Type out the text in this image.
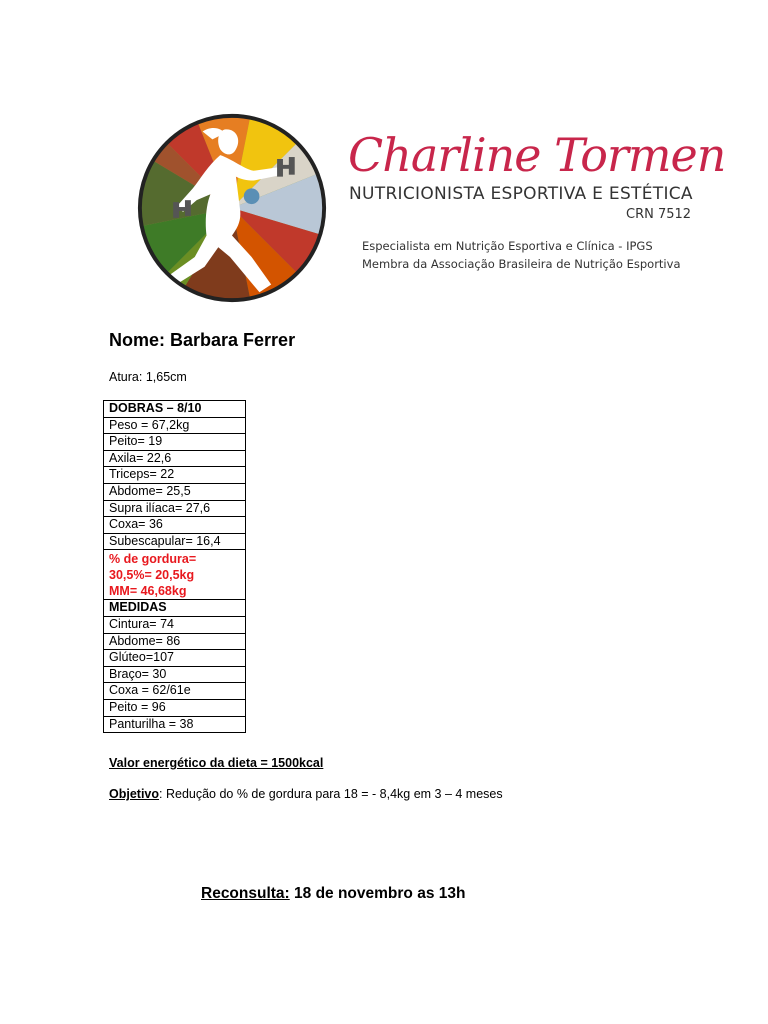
Charline Tormen
NUTRICIONISTA ESPORTIVA E ESTÉTICA
CRN 7512
Especialista em Nutrição Esportiva e Clínica - IPGS
Membra da Associação Brasileira de Nutrição Esportiva
Nome: Barbara Ferrer
Atura: 1,65cm
DOBRAS – 8/10
Peso = 67,2kg
Peito= 19
Axila= 22,6
Triceps= 22
Abdome= 25,5
Supra ilíaca= 27,6
Coxa= 36
Subescapular= 16,4

% de gordura=
30,5%= 20,5kg
MM= 46,68kg

MEDIDAS
Cintura= 74
Abdome= 86
Glúteo=107
Braço= 30
Coxa = 62/61e
Peito = 96
Panturilha = 38
Valor energético da dieta = 1500kcal
Objetivo: Redução do % de gordura para 18 = - 8,4kg em 3 – 4 meses
Reconsulta: 18 de novembro as 13h
